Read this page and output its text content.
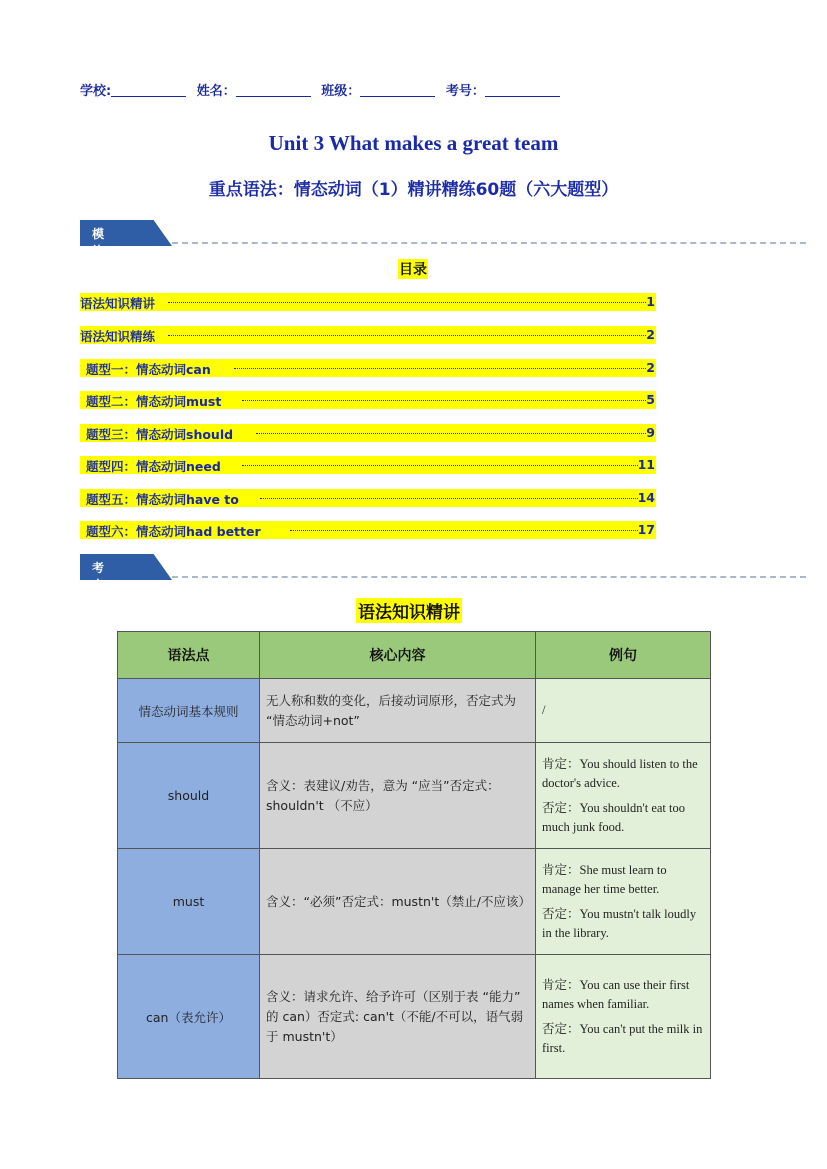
学校:	姓名：	班级：	考号：
Unit 3 What makes a great team
重点语法：情态动词（1）精讲精练60题（六大题型）
模块导航
目录
语法知识精讲	1
语法知识精练	2
题型一：情态动词can	2
题型二：情态动词must	5
题型三：情态动词should	9
题型四：情态动词need	11
题型五：情态动词have to	14
题型六：情态动词had better	17
考点剖析	语法知识精讲
语法点	核心内容	例句
情态动词基本规则	无人称和数的变化，后接动词原形，否定式为 “情态动词+not”	/

should	含义：表建议/劝告，意为 “应当”否定式：shouldn't （不应）	肯定：You should listen to the doctor's advice.

否定：You shouldn't eat too much junk food.

must	含义：“必须”否定式：mustn't（禁止/不应该）	肯定：She must learn to manage her time better.

否定：You mustn't talk loudly in the library.

can（表允许）	含义：请求允许、给予许可（区别于表 “能力” 的 can）否定式: can't（不能/不可以，语气弱于 mustn't）	肯定：You can use their first names when familiar.

否定：You can't put the milk in first.
